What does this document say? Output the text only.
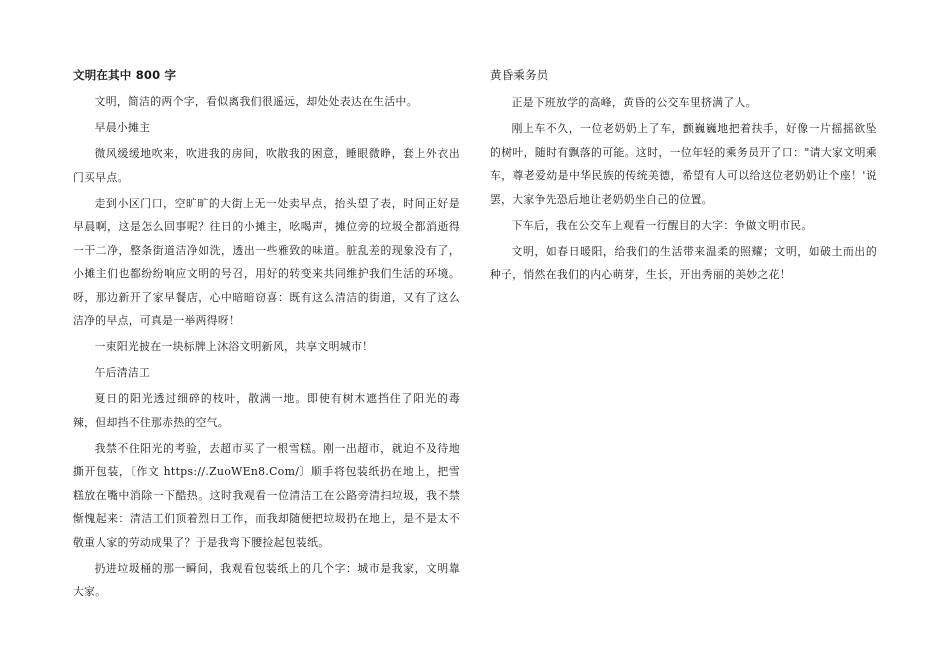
文明在其中 800 字

文明，简洁的两个字，看似离我们很遥远，却处处表达在生活中。

早晨小摊主

微风缓缓地吹来，吹进我的房间，吹散我的困意，睡眼微睁，套上外衣出门买早点。

走到小区门口，空旷旷的大街上无一处卖早点，抬头望了表，时间正好是早晨啊，这是怎么回事呢？往日的小摊主，吆喝声，摊位旁的垃圾全都消逝得一干二净，整条街道洁净如洗，透出一些雅致的味道。脏乱差的现象没有了，小摊主们也都纷纷响应文明的号召，用好的转变来共同维护我们生活的环境。呀，那边新开了家早餐店，心中暗暗窃喜：既有这么清洁的街道，又有了这么洁净的早点，可真是一举两得呀！

一束阳光披在一块标牌上沐浴文明新风，共享文明城市！

午后清洁工

夏日的阳光透过细碎的枝叶，散满一地。即使有树木遮挡住了阳光的毒辣，但却挡不住那赤热的空气。

我禁不住阳光的考验，去超市买了一根雪糕。刚一出超市，就迫不及待地撕开包装，〔作文 https://.ZuoWEn8.Com/〕顺手将包装纸扔在地上，把雪糕放在嘴中消除一下酷热。这时我观看一位清洁工在公路旁清扫垃圾，我不禁惭愧起来：清洁工们顶着烈日工作，而我却随便把垃圾扔在地上，是不是太不敬重人家的劳动成果了？于是我弯下腰捡起包装纸。

扔进垃圾桶的那一瞬间，我观看包装纸上的几个字：城市是我家，文明靠大家。

黄昏乘务员

正是下班放学的高峰，黄昏的公交车里挤满了人。

刚上车不久，一位老奶奶上了车，颤巍巍地把着扶手，好像一片摇摇欲坠的树叶，随时有飘落的可能。这时，一位年轻的乘务员开了口："请大家文明乘车，尊老爱幼是中华民族的传统美德，希望有人可以给这位老奶奶让个座！'说罢，大家争先恐后地让老奶奶坐自己的位置。

下车后，我在公交车上观看一行醒目的大字：争做文明市民。

文明，如春日暖阳，给我们的生活带来温柔的照耀；文明，如破土而出的种子，悄然在我们的内心萌芽，生长，开出秀丽的美妙之花！
